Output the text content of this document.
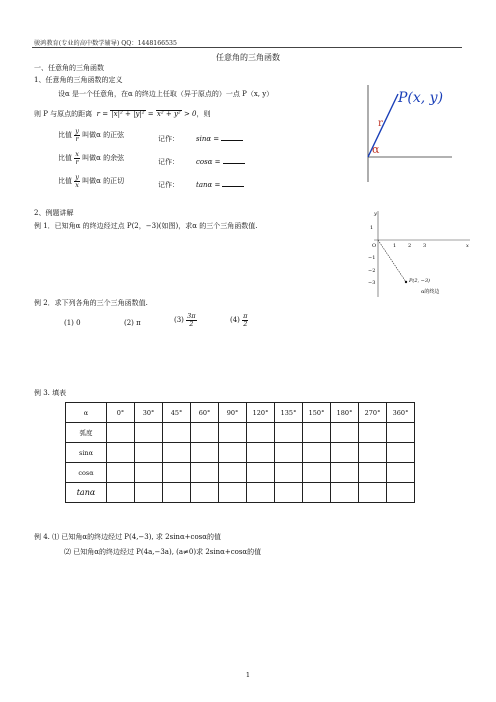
骏鸿教育(专业的高中数学辅导) QQ：1448166535
任意角的三角函数
一、任意角的三角函数
1、任意角的三角函数的定义
设α 是一个任意角，在α 的终边上任取（异于原点的）一点 P（x, y）
则 P 与原点的距离  r = |x|² + |y|² = x² + y² > 0，则
比值 $\frac{y}{r}$ 叫做α 的正弦	记作： sinα =
比值 $\frac{x}{r}$ 叫做α 的余弦	记作： cosα =
比值 $\frac{y}{x}$ 叫做α 的正切	记作： tanα =
P(x, y)
r
α
2、例题讲解
例 1．已知角α 的终边经过点 P(2，−3)(如图)，求α 的三个三角函数值.
y
x
O	1 2 3
1
−1
−2
−3	P(2, −3)
α的终边
例 2．求下列各角的三个三角函数值.
(1) 0	(2) π	$(3) \frac{3\pi}{2}$	$(4) \frac{\pi}{2}$
例 3. 填表
α	0°	30°	45°	60°	90°	120°	135°	150°	180°	270°	360°
弧度											
sinα											
cosα											
tanα											
例 4. ⑴ 已知角α的终边经过 P(4,−3), 求 2sinα+cosα的值
⑵ 已知角α的终边经过 P(4a,−3a), (a≠0)求 2sinα+cosα的值
1
